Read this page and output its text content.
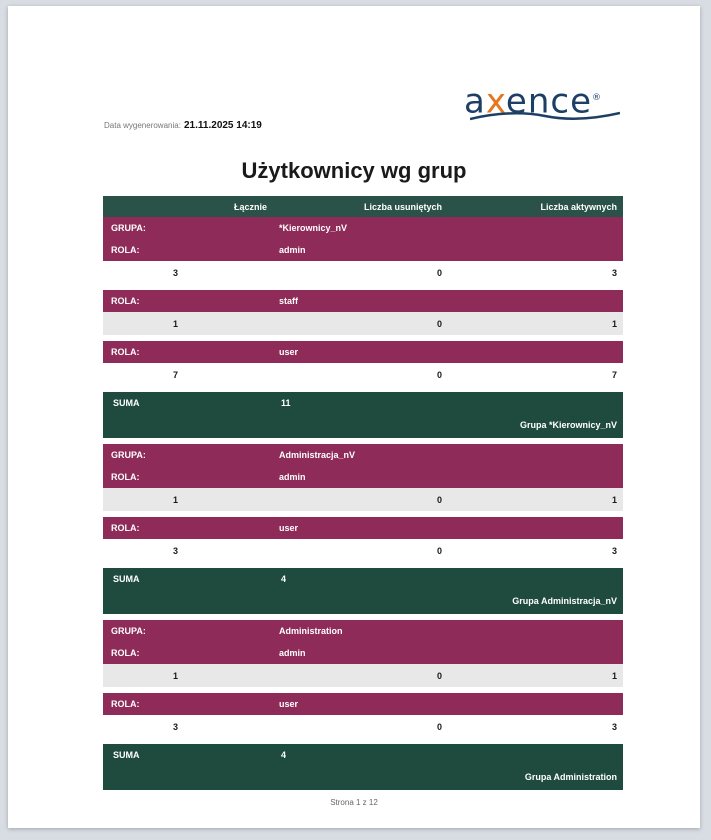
axence®
Data wygenerowania: 21.11.2025 14:19
Użytkownicy wg grup
Łącznie	Liczba usuniętych	Liczba aktywnych
GRUPA:	*Kierownicy_nV	
ROLA:	admin	
3	0	3

ROLA:	staff	
1	0	1

ROLA:	user	
7	0	7

SUMA	11	
Grupa *Kierownicy_nV		

GRUPA:	Administracja_nV	
ROLA:	admin	
1	0	1

ROLA:	user	
3	0	3

SUMA	4	
Grupa Administracja_nV		

GRUPA:	Administration	
ROLA:	admin	
1	0	1

ROLA:	user	
3	0	3

SUMA	4	
Grupa Administration		
Strona 1 z 12
